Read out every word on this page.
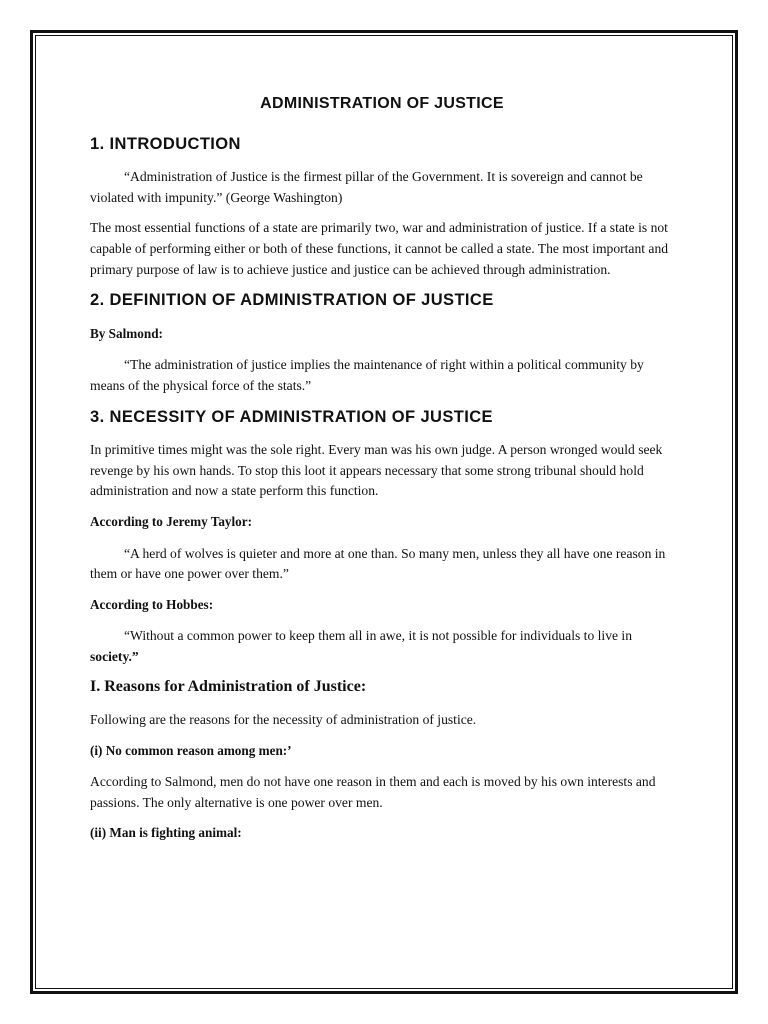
ADMINISTRATION OF JUSTICE
1. INTRODUCTION

“Administration of Justice is the firmest pillar of the Government. It is sovereign and cannot be violated with impunity.” (George Washington)

The most essential functions of a state are primarily two, war and administration of justice. If a state is not capable of performing either or both of these functions, it cannot be called a state. The most important and primary purpose of law is to achieve justice and justice can be achieved through administration.

2. DEFINITION OF ADMINISTRATION OF JUSTICE

By Salmond:

“The administration of justice implies the maintenance of right within a political community by means of the physical force of the stats.”

3. NECESSITY OF ADMINISTRATION OF JUSTICE

In primitive times might was the sole right. Every man was his own judge. A person wronged would seek revenge by his own hands. To stop this loot it appears necessary that some strong tribunal should hold administration and now a state perform this function.

According to Jeremy Taylor:

“A herd of wolves is quieter and more at one than. So many men, unless they all have one reason in them or have one power over them.”

According to Hobbes:

“Without a common power to keep them all in awe, it is not possible for individuals to live in society.”

I. Reasons for Administration of Justice:

Following are the reasons for the necessity of administration of justice.

(i) No common reason among men:’

According to Salmond, men do not have one reason in them and each is moved by his own interests and passions. The only alternative is one power over men.

(ii) Man is fighting animal:
